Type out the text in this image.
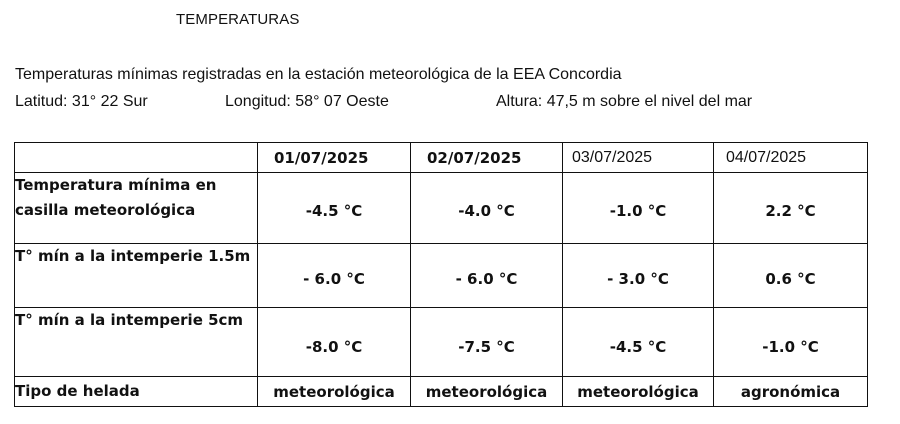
TEMPERATURAS
Temperaturas mínimas registradas en la estación meteorológica de la EEA Concordia
Latitud: 31° 22 Sur	Longitud: 58° 07 Oeste	Altura: 47,5 m sobre el nivel del mar
	01/07/2025	02/07/2025	03/07/2025	04/07/2025
Temperatura mínima en casilla meteorológica	-4.5 °C	-4.0 °C	-1.0 °C	2.2 °C
T° mín a la intemperie 1.5m	- 6.0 °C	- 6.0 °C	- 3.0 °C	0.6 °C
T° mín a la intemperie 5cm	-8.0 °C	-7.5 °C	-4.5 °C	-1.0 °C
Tipo de helada	meteorológica	meteorológica	meteorológica	agronómica
